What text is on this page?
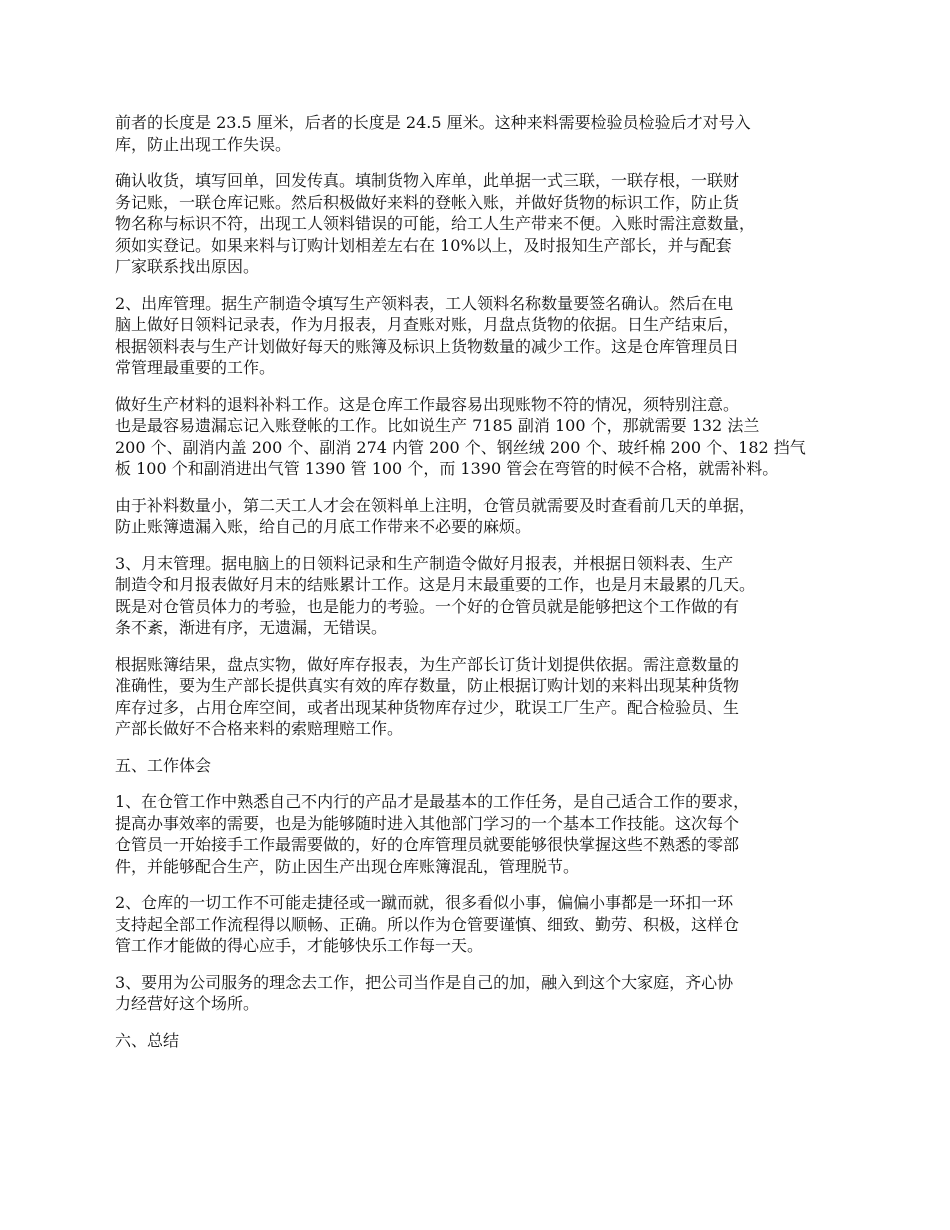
前者的长度是 23.5 厘米，后者的长度是 24.5 厘米。这种来料需要检验员检验后才对号入
库，防止出现工作失误。

确认收货，填写回单，回发传真。填制货物入库单，此单据一式三联，一联存根，一联财
务记账，一联仓库记账。然后积极做好来料的登帐入账，并做好货物的标识工作，防止货
物名称与标识不符，出现工人领料错误的可能，给工人生产带来不便。入账时需注意数量，
须如实登记。如果来料与订购计划相差左右在 10%以上，及时报知生产部长，并与配套
厂家联系找出原因。

2、出库管理。据生产制造令填写生产领料表，工人领料名称数量要签名确认。然后在电
脑上做好日领料记录表，作为月报表，月查账对账，月盘点货物的依据。日生产结束后，
根据领料表与生产计划做好每天的账簿及标识上货物数量的减少工作。这是仓库管理员日
常管理最重要的工作。

做好生产材料的退料补料工作。这是仓库工作最容易出现账物不符的情况，须特别注意。
也是最容易遗漏忘记入账登帐的工作。比如说生产 7185 副消 100 个，那就需要 132 法兰
200 个、副消内盖 200 个、副消 274 内管 200 个、钢丝绒 200 个、玻纤棉 200 个、182 挡气
板 100 个和副消进出气管 1390 管 100 个，而 1390 管会在弯管的时候不合格，就需补料。

由于补料数量小，第二天工人才会在领料单上注明，仓管员就需要及时查看前几天的单据，
防止账簿遗漏入账，给自己的月底工作带来不必要的麻烦。

3、月末管理。据电脑上的日领料记录和生产制造令做好月报表，并根据日领料表、生产
制造令和月报表做好月末的结账累计工作。这是月末最重要的工作，也是月末最累的几天。
既是对仓管员体力的考验，也是能力的考验。一个好的仓管员就是能够把这个工作做的有
条不紊，渐进有序，无遗漏，无错误。

根据账簿结果，盘点实物，做好库存报表，为生产部长订货计划提供依据。需注意数量的
准确性，要为生产部长提供真实有效的库存数量，防止根据订购计划的来料出现某种货物
库存过多，占用仓库空间，或者出现某种货物库存过少，耽误工厂生产。配合检验员、生
产部长做好不合格来料的索赔理赔工作。

五、工作体会

1、在仓管工作中熟悉自己不内行的产品才是最基本的工作任务，是自己适合工作的要求，
提高办事效率的需要，也是为能够随时进入其他部门学习的一个基本工作技能。这次每个
仓管员一开始接手工作最需要做的，好的仓库管理员就要能够很快掌握这些不熟悉的零部
件，并能够配合生产，防止因生产出现仓库账簿混乱，管理脱节。

2、仓库的一切工作不可能走捷径或一蹴而就，很多看似小事，偏偏小事都是一环扣一环
支持起全部工作流程得以顺畅、正确。所以作为仓管要谨慎、细致、勤劳、积极，这样仓
管工作才能做的得心应手，才能够快乐工作每一天。

3、要用为公司服务的理念去工作，把公司当作是自己的加，融入到这个大家庭，齐心协
力经营好这个场所。

六、总结
